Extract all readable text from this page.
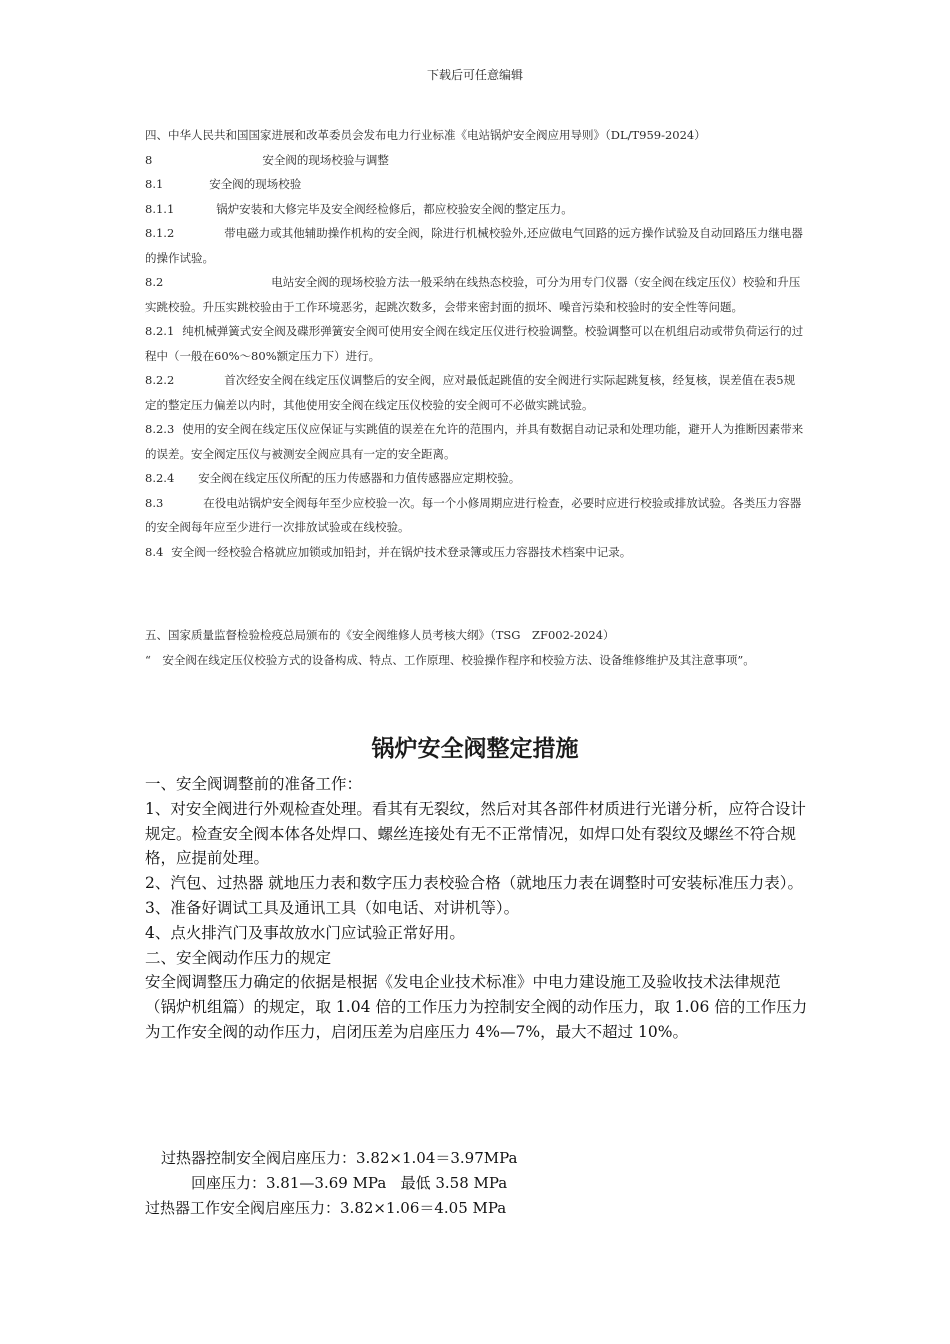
下载后可任意编辑

四、中华人民共和国国家进展和改革委员会发布电力行业标准《电站锅炉安全阀应用导则》（DL/T959-2024）

8	安全阀的现场校验与调整

8.1	安全阀的现场校验

8.1.1	锅炉安装和大修完毕及安全阀经检修后，都应校验安全阀的整定压力。

8.1.2	带电磁力或其他辅助操作机构的安全阀，除进行机械校验外,还应做电气回路的远方操作试验及自动回路压力继电器的操作试验。

8.2	电站安全阀的现场校验方法一般采纳在线热态校验，可分为用专门仪器（安全阀在线定压仪）校验和升压实跳校验。升压实跳校验由于工作环境恶劣，起跳次数多，会带来密封面的损坏、噪音污染和校验时的安全性等问题。

8.2.1 纯机械弹簧式安全阀及碟形弹簧安全阀可使用安全阀在线定压仪进行校验调整。校验调整可以在机组启动或带负荷运行的过程中（一般在60%～80%额定压力下）进行。

8.2.2	首次经安全阀在线定压仪调整后的安全阀，应对最低起跳值的安全阀进行实际起跳复核，经复核，误差值在表5规定的整定压力偏差以内时，其他使用安全阀在线定压仪校验的安全阀可不必做实跳试验。

8.2.3 使用的安全阀在线定压仪应保证与实跳值的误差在允许的范围内，并具有数据自动记录和处理功能，避开人为推断因素带来的误差。安全阀定压仪与被测安全阀应具有一定的安全距离。

8.2.4 安全阀在线定压仪所配的压力传感器和力值传感器应定期校验。

8.3	在役电站锅炉安全阀每年至少应校验一次。每一个小修周期应进行检查，必要时应进行校验或排放试验。各类压力容器的安全阀每年应至少进行一次排放试验或在线校验。

8.4 安全阀一经校验合格就应加锁或加铅封，并在锅炉技术登录簿或压力容器技术档案中记录。

五、国家质量监督检验检疫总局颁布的《安全阀维修人员考核大纲》（TSG　ZF002-2024）

“　安全阀在线定压仪校验方式的设备构成、特点、工作原理、校验操作程序和校验方法、设备维修维护及其注意事项”。

锅炉安全阀整定措施

一、安全阀调整前的准备工作：

1、对安全阀进行外观检查处理。看其有无裂纹，然后对其各部件材质进行光谱分析，应符合设计规定。检查安全阀本体各处焊口、螺丝连接处有无不正常情况，如焊口处有裂纹及螺丝不符合规格，应提前处理。

2、汽包、过热器 就地压力表和数字压力表校验合格（就地压力表在调整时可安装标准压力表）。

3、准备好调试工具及通讯工具（如电话、对讲机等）。

4、点火排汽门及事故放水门应试验正常好用。

二、安全阀动作压力的规定

安全阀调整压力确定的依据是根据《发电企业技术标准》中电力建设施工及验收技术法律规范（锅炉机组篇）的规定，取 1.04 倍的工作压力为控制安全阀的动作压力，取 1.06 倍的工作压力为工作安全阀的动作压力，启闭压差为启座压力 4%—7%，最大不超过 10%。

过热器控制安全阀启座压力：3.82×1.04＝3.97MPa

回座压力：3.81—3.69 MPa   最低 3.58 MPa

过热器工作安全阀启座压力：3.82×1.06＝4.05 MPa
